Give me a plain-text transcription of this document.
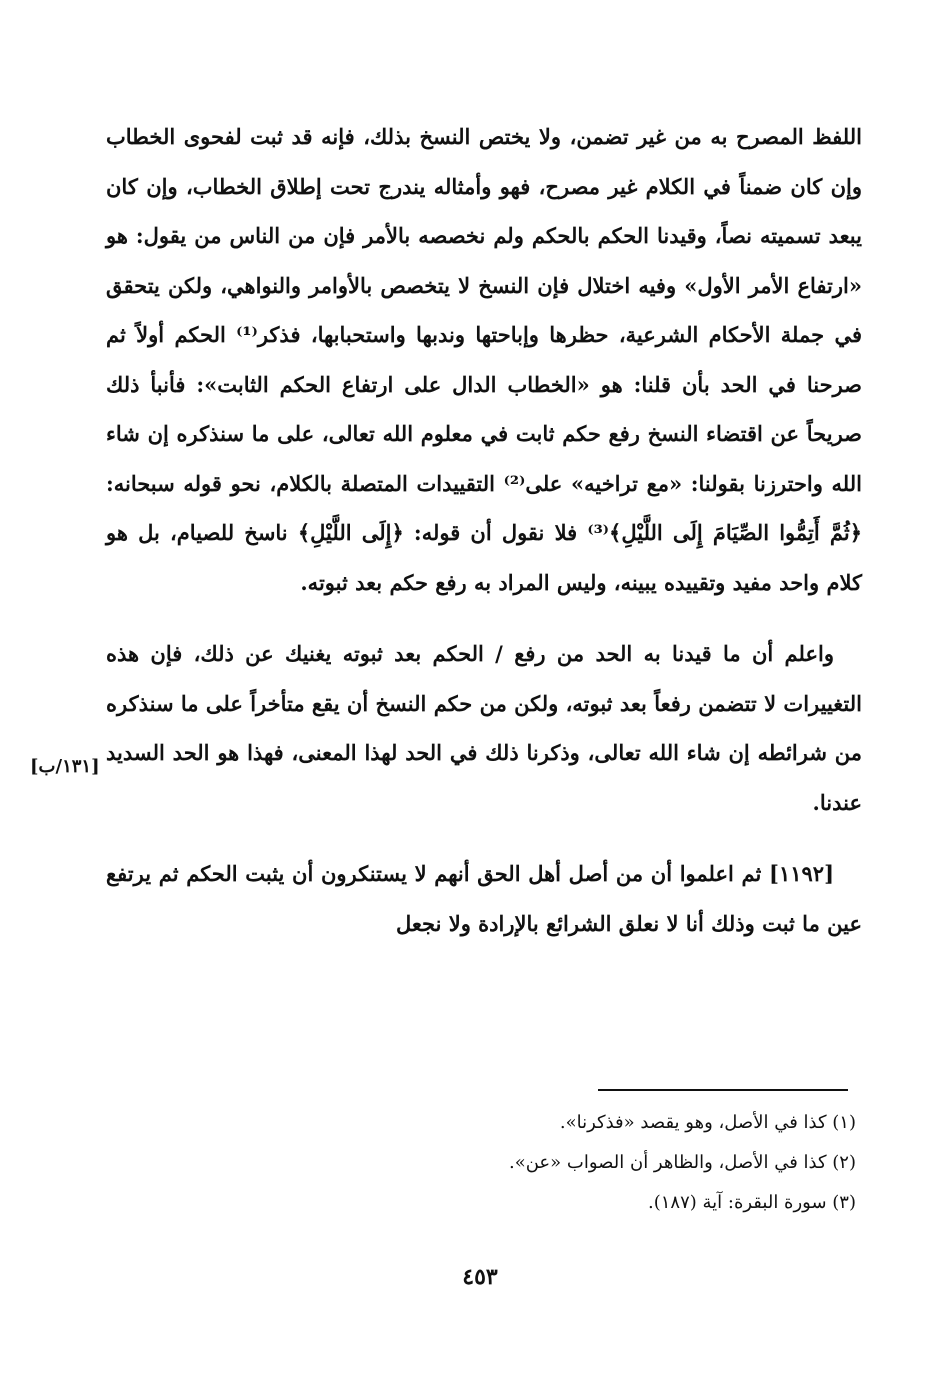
اللفظ المصرح به من غير تضمن، ولا يختص النسخ بذلك، فإنه قد ثبت لفحوى الخطاب وإن كان ضمناً في الكلام غير مصرح، فهو وأمثاله يندرج تحت إطلاق الخطاب، وإن كان يبعد تسميته نصاً، وقيدنا الحكم بالحكم ولم نخصصه بالأمر فإن من الناس من يقول: هو «ارتفاع الأمر الأول» وفيه اختلال فإن النسخ لا يتخصص بالأوامر والنواهي، ولكن يتحقق في جملة الأحكام الشرعية، حظرها وإباحتها وندبها واستحبابها، فذكر⁽¹⁾ الحكم أولاً ثم صرحنا في الحد بأن قلنا: هو «الخطاب الدال على ارتفاع الحكم الثابت»: فأنبأ ذلك صريحاً عن اقتضاء النسخ رفع حكم ثابت في معلوم الله تعالى، على ما سنذكره إن شاء الله واحترزنا بقولنا: «مع تراخيه» على⁽²⁾ التقييدات المتصلة بالكلام، نحو قوله سبحانه: ﴿ثُمَّ أَتِمُّوا الصِّيَامَ إِلَى اللَّيْلِ﴾⁽³⁾ فلا نقول أن قوله: ﴿إِلَى اللَّيْلِ﴾ ناسخ للصيام، بل هو كلام واحد مفيد وتقييده يبينه، وليس المراد به رفع حكم بعد ثبوته.

واعلم أن ما قيدنا به الحد من رفع / الحكم بعد ثبوته يغنيك عن ذلك، فإن هذه التغييرات لا تتضمن رفعاً بعد ثبوته، ولكن من حكم النسخ أن يقع متأخراً على ما سنذكره من شرائطه إن شاء الله تعالى، وذكرنا ذلك في الحد لهذا المعنى، فهذا هو الحد السديد عندنا.

[١١٩٢] ثم اعلموا أن من أصل أهل الحق أنهم لا يستنكرون أن يثبت الحكم ثم يرتفع عين ما ثبت وذلك أنا لا نعلق الشرائع بالإرادة ولا نجعل

[١٣١/ب]

(١) كذا في الأصل، وهو يقصد «فذكرنا».

(٢) كذا في الأصل، والظاهر أن الصواب «عن».

(٣) سورة البقرة: آية (١٨٧).

٤٥٣
